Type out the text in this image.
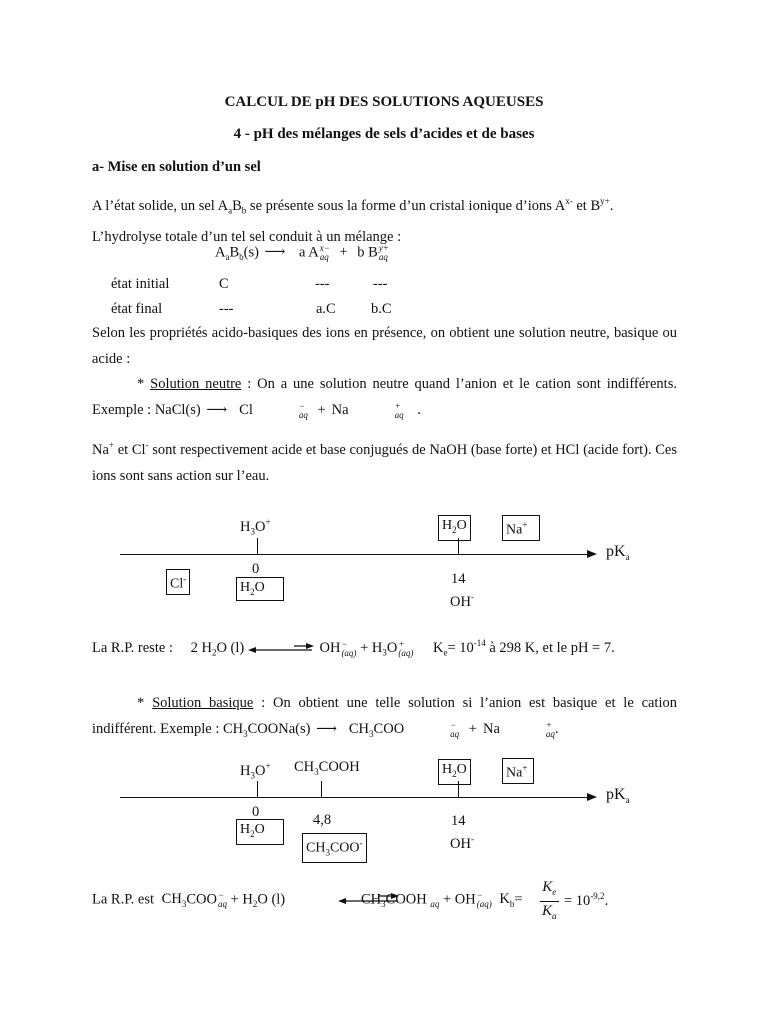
CALCUL DE pH DES SOLUTIONS AQUEUSES
4 - pH des mélanges de sels d’acides et de bases
a- Mise en solution d’un sel
A l’état solide, un sel $A_aB_b$ se présente sous la forme d’un cristal ionique d’ions $A^{x-}$ et $B^{y+}$.
L’hydrolyse totale d’un tel sel conduit à un mélange :
$A_aB_b(s)$ ⟶ a A x−
aq + b B y+
aq
état initial	C	---	---
état final	---	a.C b.C
Selon les propriétés acido-basiques des ions en présence, on obtient une solution neutre, basique ou acide :
* Solution neutre : On a une solution neutre quand l’anion et le cation sont indifférents. Exemple : NaCl(s) ⟶ Cl	−
aq + Na	+
aq .
Na+ et Cl- sont respectivement acide et base conjugués de NaOH (base forte) et HCl (acide fort). Ces ions sont sans action sur l’eau.
$H_3O^+$	$H_2O$	Na+
$pK_a$
0
Cl-
$H_2O$
14
OH-
La R.P. reste : 2 $H_2O$ (l)	OH −
$(aq) + H_3O$ +
(aq) $K_e= 10^{-14}$ à 298 K, et le pH = 7.
* Solution basique : On obtient une telle solution si l’anion est basique et le cation indifférent. Exemple : $CH_3COONa(s)$ ⟶ $CH_3COO$	−
aq + Na	+
aq .
$H_3O^+$ $CH_3COOH$	$H_2O$	Na+
$pK_a$
0	4,8	14
$H_2O$
$CH_3COO^-$	OH-
La R.P. est $CH_3COO$ −
aq + $H_2O$ (l)	$CH_3COOH$ $_{aq}$ + OH −
(aq) $K_b= \frac{K_e}{K_a} = 10^{-9,2}$.
